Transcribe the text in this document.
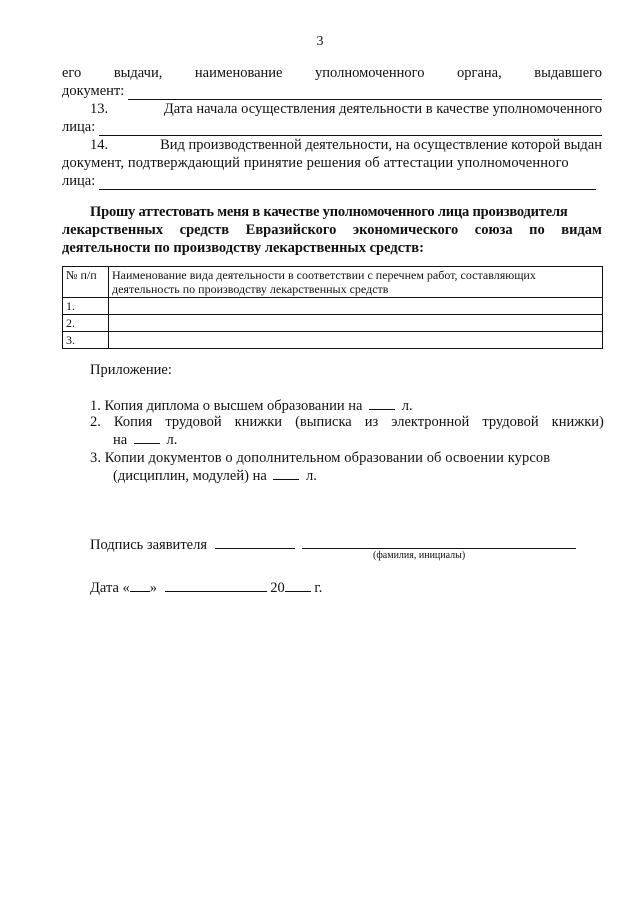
3
его выдачи, наименование уполномоченного органа, выдавшего
документ:
13.	Дата начала осуществления деятельности в качестве уполномоченного
лица:
14.	Вид производственной деятельности, на осуществление которой выдан
документ, подтверждающий принятие решения об аттестации уполномоченного
лица:
Прошу аттестовать меня в качестве уполномоченного лица производителя
лекарственных средств Евразийского экономического союза по видам
деятельности по производству лекарственных средств:
№ п/п	Наименование вида деятельности в соответствии с перечнем работ, составляющих
деятельность по производству лекарственных средств

1.	
2.	
3.	
Приложение:
1. Копия диплома о высшем образовании на	л.
2. Копия трудовой книжки (выписка из электронной трудовой книжки)
на	л.
3. Копии документов о дополнительном образовании об освоении курсов
(дисциплин, модулей) на	л.
Подпись заявителя
(фамилия, инициалы)
Дата « »	20 г.
